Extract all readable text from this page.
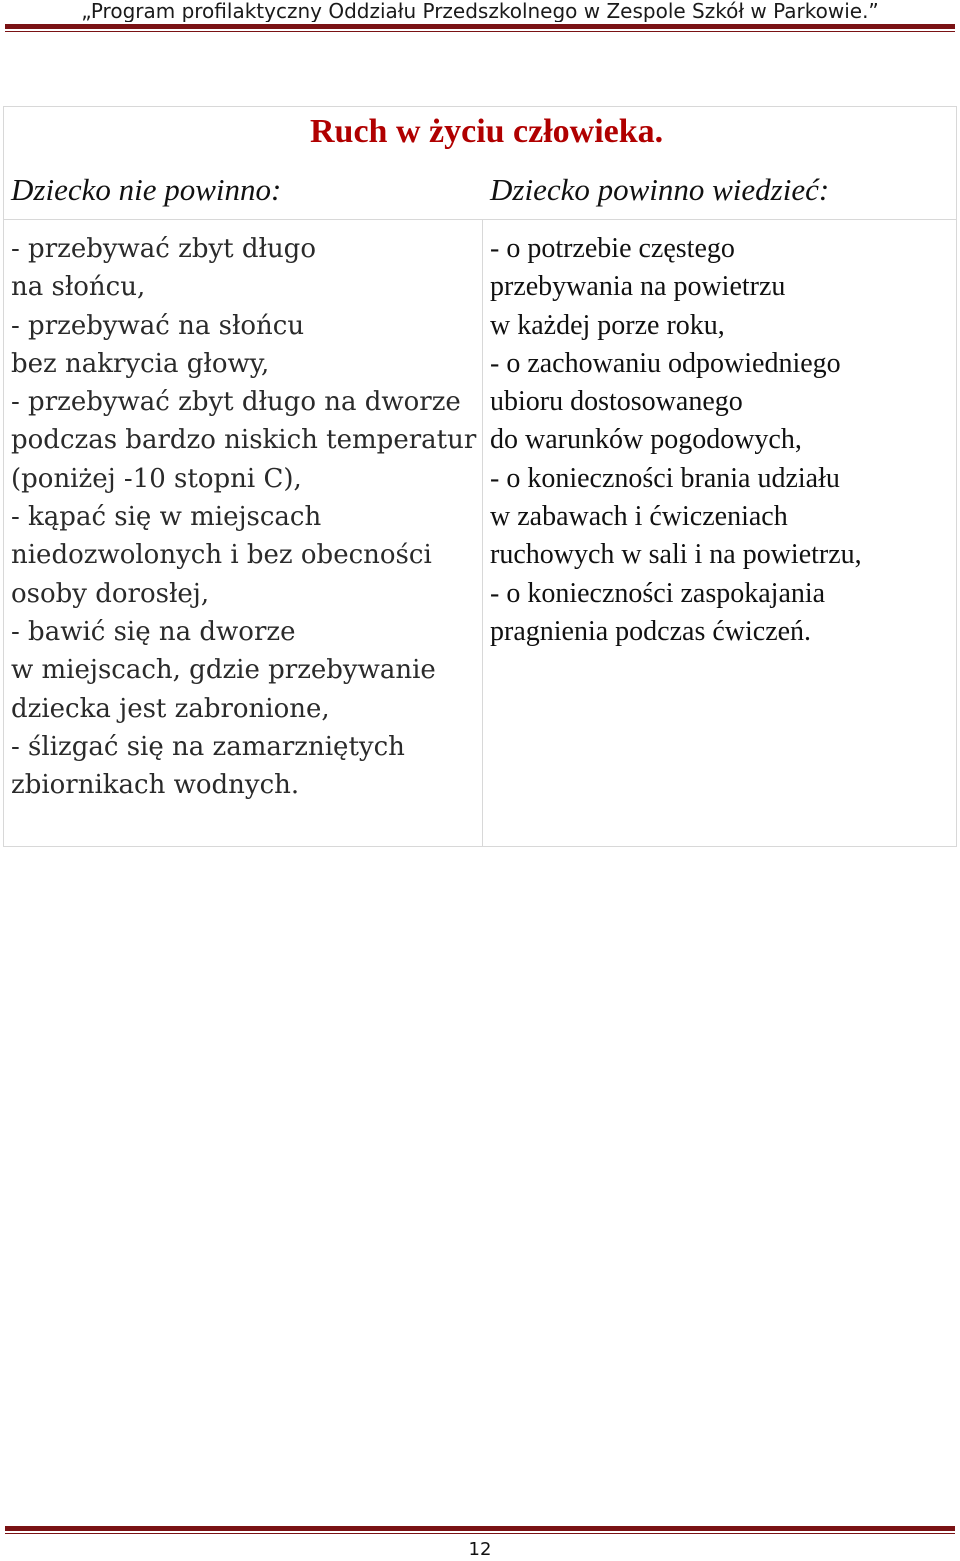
„Program profilaktyczny Oddziału Przedszkolnego w Zespole Szkół w Parkowie.”
Ruch w życiu człowieka.
Dziecko nie powinno:	Dziecko powinno wiedzieć:
- przebywać zbyt długo
na słońcu,
- przebywać na słońcu
bez nakrycia głowy,
- przebywać zbyt długo na dworze
podczas bardzo niskich temperatur
(poniżej -10 stopni C),
- kąpać się w miejscach
niedozwolonych i bez obecności
osoby dorosłej,
- bawić się na dworze
w miejscach, gdzie przebywanie
dziecka jest zabronione,
- ślizgać się na zamarzniętych
zbiornikach wodnych.
- o potrzebie częstego
przebywania na powietrzu
w każdej porze roku,
- o zachowaniu odpowiedniego
ubioru dostosowanego
do warunków pogodowych,
- o konieczności brania udziału
w zabawach i ćwiczeniach
ruchowych w sali i na powietrzu,
- o konieczności zaspokajania
pragnienia podczas ćwiczeń.
12
